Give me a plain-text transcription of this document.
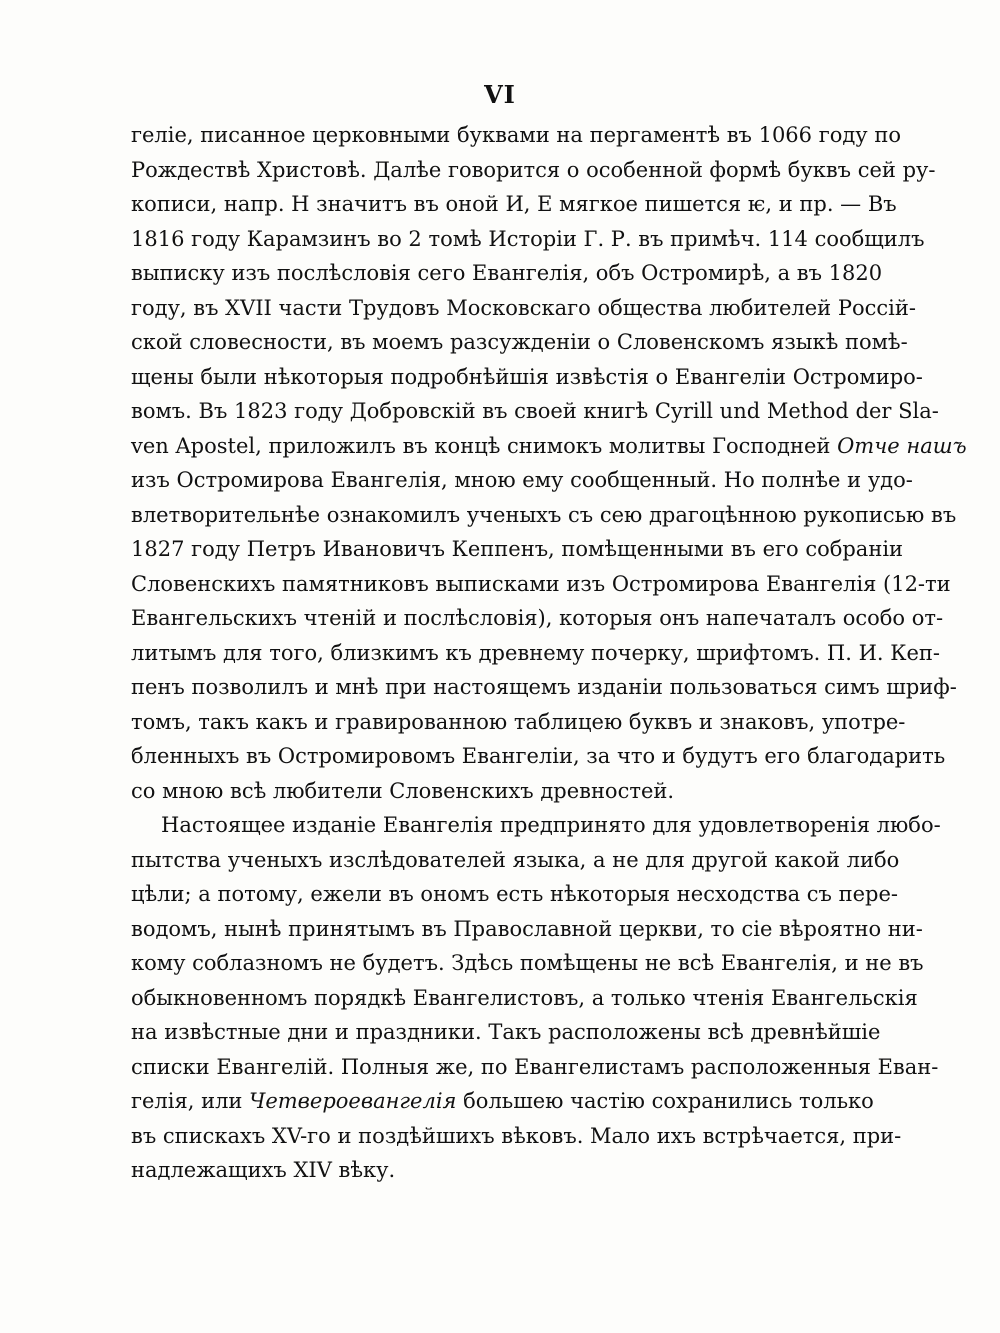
VI
гелiе, писанное церковными буквами на пергаментѣ въ 1066 году по
Рождествѣ Христовѣ. Далѣе говорится о особенной формѣ буквъ сей ру-
кописи, напр. Н значитъ въ оной И, Е мягкое пишется ѥ, и пр. — Въ
1816 году Карамзинъ во 2 томѣ Исторiи Г. Р. въ примѣч. 114 сообщилъ
выписку изъ послѣсловiя сего Евангелiя, объ Остромирѣ, а въ 1820
году, въ XVII части Трудовъ Московскаго общества любителей Россiй-
ской словесности, въ моемъ разсужденiи о Словенскомъ языкѣ помѣ-
щены были нѣкоторыя подробнѣйшiя извѣстiя о Евангелiи Остромиро-
вомъ. Въ 1823 году Добровскiй въ своей книгѣ Cyrill und Method der Sla-
ven Apostel, приложилъ въ концѣ снимокъ молитвы Господней Отче нашъ
изъ Остромирова Евангелiя, мною ему сообщенный. Но полнѣе и удо-
влетворительнѣе ознакомилъ ученыхъ съ сею драгоцѣнною рукописью въ
1827 году Петръ Ивановичъ Кеппенъ, помѣщенными въ его собранiи
Словенскихъ памятниковъ выписками изъ Остромирова Евангелiя (12-ти
Евангельскихъ чтенiй и послѣсловiя), которыя онъ напечаталъ особо от-
литымъ для того, близкимъ къ древнему почерку, шрифтомъ. П. И. Кеп-
пенъ позволилъ и мнѣ при настоящемъ изданiи пользоваться симъ шриф-
томъ, такъ какъ и гравированною таблицею буквъ и знаковъ, употре-
бленныхъ въ Остромировомъ Евангелiи, за что и будутъ его благодарить
со мною всѣ любители Словенскихъ древностей.
Настоящее изданiе Евангелiя предпринято для удовлетворенiя любо-
пытства ученыхъ изслѣдователей языка, а не для другой какой либо
цѣли; а потому, ежели въ ономъ есть нѣкоторыя несходства съ пере-
водомъ, нынѣ принятымъ въ Православной церкви, то сiе вѣроятно ни-
кому соблазномъ не будетъ. Здѣсь помѣщены не всѣ Евангелiя, и не въ
обыкновенномъ порядкѣ Евангелистовъ, а только чтенiя Евангельскiя
на извѣстные дни и праздники. Такъ расположены всѣ древнѣйшiе
списки Евангелiй. Полныя же, по Евангелистамъ расположенныя Еван-
гелiя, или Четвероевангелiя большею частiю сохранились только
въ спискахъ XV-го и поздѣйшихъ вѣковъ. Мало ихъ встрѣчается, при-
надлежащихъ XIV вѣку.
